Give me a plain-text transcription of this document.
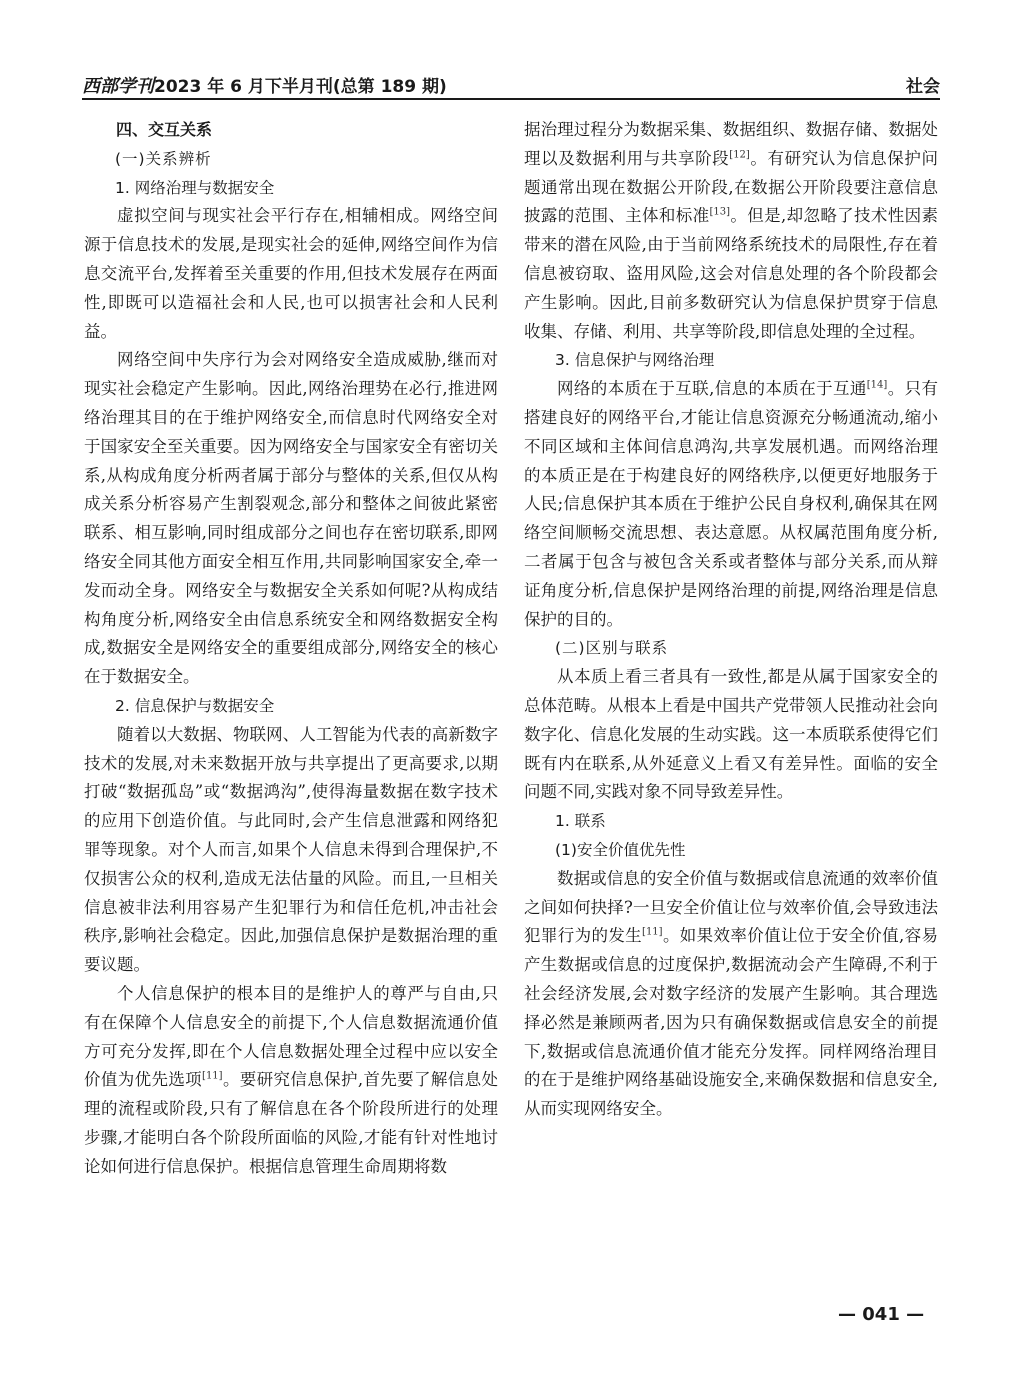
西部学刊2023 年 6 月下半月刊(总第 189 期)	社会

四、交互关系

(一)关系辨析

1. 网络治理与数据安全

虚拟空间与现实社会平行存在,相辅相成。网络空间源于信息技术的发展,是现实社会的延伸,网络空间作为信息交流平台,发挥着至关重要的作用,但技术发展存在两面性,即既可以造福社会和人民,也可以损害社会和人民利益。

网络空间中失序行为会对网络安全造成威胁,继而对现实社会稳定产生影响。因此,网络治理势在必行,推进网络治理其目的在于维护网络安全,而信息时代网络安全对于国家安全至关重要。因为网络安全与国家安全有密切关系,从构成角度分析两者属于部分与整体的关系,但仅从构成关系分析容易产生割裂观念,部分和整体之间彼此紧密联系、相互影响,同时组成部分之间也存在密切联系,即网络安全同其他方面安全相互作用,共同影响国家安全,牵一发而动全身。网络安全与数据安全关系如何呢?从构成结构角度分析,网络安全由信息系统安全和网络数据安全构成,数据安全是网络安全的重要组成部分,网络安全的核心在于数据安全。

2. 信息保护与数据安全

随着以大数据、物联网、人工智能为代表的高新数字技术的发展,对未来数据开放与共享提出了更高要求,以期打破“数据孤岛”或“数据鸿沟”,使得海量数据在数字技术的应用下创造价值。与此同时,会产生信息泄露和网络犯罪等现象。对个人而言,如果个人信息未得到合理保护,不仅损害公众的权利,造成无法估量的风险。而且,一旦相关信息被非法利用容易产生犯罪行为和信任危机,冲击社会秩序,影响社会稳定。因此,加强信息保护是数据治理的重要议题。

个人信息保护的根本目的是维护人的尊严与自由,只有在保障个人信息安全的前提下,个人信息数据流通价值方可充分发挥,即在个人信息数据处理全过程中应以安全价值为优先选项[11]。要研究信息保护,首先要了解信息处理的流程或阶段,只有了解信息在各个阶段所进行的处理步骤,才能明白各个阶段所面临的风险,才能有针对性地讨论如何进行信息保护。根据信息管理生命周期将数

据治理过程分为数据采集、数据组织、数据存储、数据处理以及数据利用与共享阶段[12]。有研究认为信息保护问题通常出现在数据公开阶段,在数据公开阶段要注意信息披露的范围、主体和标准[13]。但是,却忽略了技术性因素带来的潜在风险,由于当前网络系统技术的局限性,存在着信息被窃取、盗用风险,这会对信息处理的各个阶段都会产生影响。因此,目前多数研究认为信息保护贯穿于信息收集、存储、利用、共享等阶段,即信息处理的全过程。

3. 信息保护与网络治理

网络的本质在于互联,信息的本质在于互通[14]。只有搭建良好的网络平台,才能让信息资源充分畅通流动,缩小不同区域和主体间信息鸿沟,共享发展机遇。而网络治理的本质正是在于构建良好的网络秩序,以便更好地服务于人民;信息保护其本质在于维护公民自身权利,确保其在网络空间顺畅交流思想、表达意愿。从权属范围角度分析,二者属于包含与被包含关系或者整体与部分关系,而从辩证角度分析,信息保护是网络治理的前提,网络治理是信息保护的目的。

(二)区别与联系

从本质上看三者具有一致性,都是从属于国家安全的总体范畴。从根本上看是中国共产党带领人民推动社会向数字化、信息化发展的生动实践。这一本质联系使得它们既有内在联系,从外延意义上看又有差异性。面临的安全问题不同,实践对象不同导致差异性。

1. 联系

(1)安全价值优先性

数据或信息的安全价值与数据或信息流通的效率价值之间如何抉择?一旦安全价值让位与效率价值,会导致违法犯罪行为的发生[11]。如果效率价值让位于安全价值,容易产生数据或信息的过度保护,数据流动会产生障碍,不利于社会经济发展,会对数字经济的发展产生影响。其合理选择必然是兼顾两者,因为只有确保数据或信息安全的前提下,数据或信息流通价值才能充分发挥。同样网络治理目的在于是维护网络基础设施安全,来确保数据和信息安全,从而实现网络安全。

— 041 —
